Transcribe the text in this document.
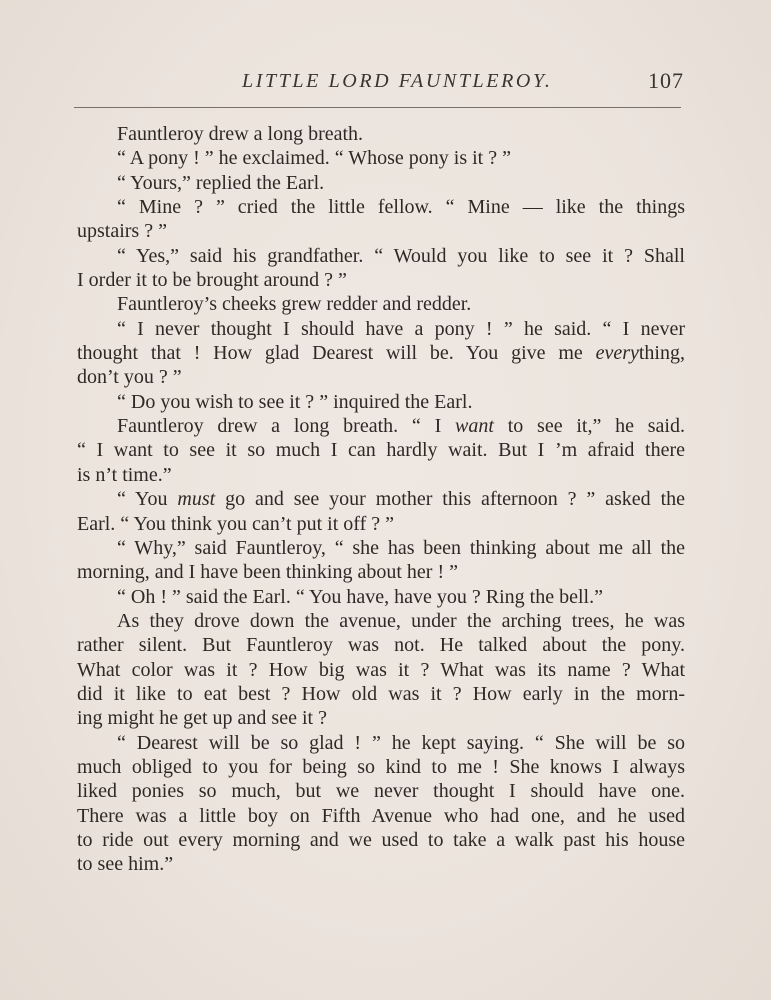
LITTLE LORD FAUNTLEROY.	107
Fauntleroy drew a long breath.
“ A pony ! ” he exclaimed. “ Whose pony is it ? ”
“ Yours,” replied the Earl.
“ Mine ? ” cried the little fellow. “ Mine — like the things
upstairs ? ”
“ Yes,” said his grandfather. “ Would you like to see it ? Shall
I order it to be brought around ? ”
Fauntleroy’s cheeks grew redder and redder.
“ I never thought I should have a pony ! ” he said. “ I never
thought that ! How glad Dearest will be. You give me everything,
don’t you ? ”
“ Do you wish to see it ? ” inquired the Earl.
Fauntleroy drew a long breath. “ I want to see it,” he said.
“ I want to see it so much I can hardly wait. But I ’m afraid there
is n’t time.”
“ You must go and see your mother this afternoon ? ” asked the
Earl. “ You think you can’t put it off ? ”
“ Why,” said Fauntleroy, “ she has been thinking about me all the
morning, and I have been thinking about her ! ”
“ Oh ! ” said the Earl. “ You have, have you ? Ring the bell.”
As they drove down the avenue, under the arching trees, he was
rather silent. But Fauntleroy was not. He talked about the pony.
What color was it ? How big was it ? What was its name ? What
did it like to eat best ? How old was it ? How early in the morn-
ing might he get up and see it ?
“ Dearest will be so glad ! ” he kept saying. “ She will be so
much obliged to you for being so kind to me ! She knows I always
liked ponies so much, but we never thought I should have one.
There was a little boy on Fifth Avenue who had one, and he used
to ride out every morning and we used to take a walk past his house
to see him.”
